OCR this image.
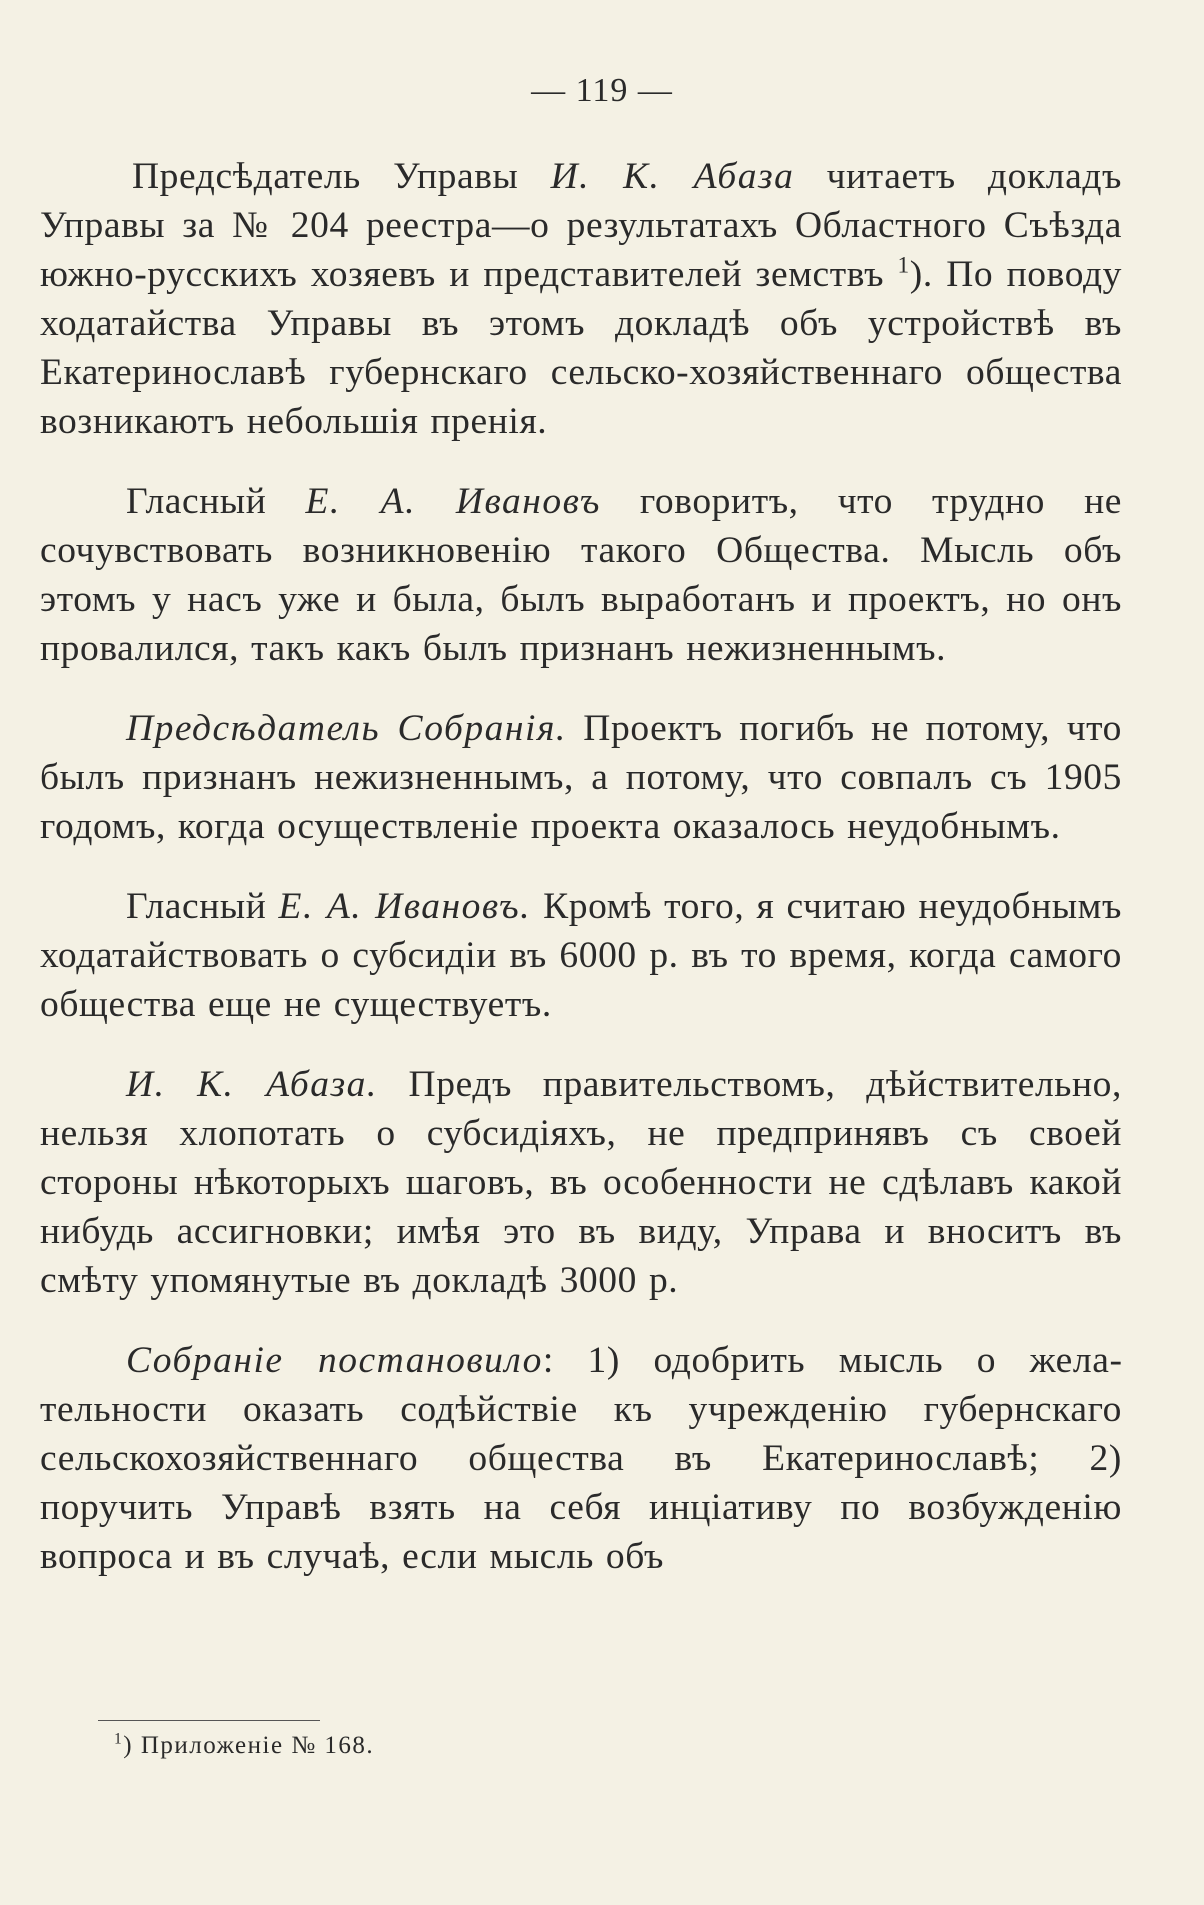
— 119 —

Предсѣдатель Управы И. К. Абаза читаетъ докладъ Управы за № 204 реестра—о результатахъ Областного Съѣзда южно-русскихъ хозяевъ и представителей земствъ $^1$). По поводу ходатайства Управы въ этомъ докладѣ объ устройствѣ въ Екатеринославѣ губернскаго сельско-хозяйственнаго общества возникаютъ небольшія пренія.

Гласный Е. А. Ивановъ говоритъ, что трудно не сочувствовать возникновенію такого Общества. Мысль объ этомъ у насъ уже и была, былъ выработанъ и проектъ, но онъ провалился, такъ какъ былъ признанъ нежизненнымъ.

Предсѣдатель Собранія. Проектъ погибъ не потому, что былъ признанъ нежизненнымъ, а потому, что совпалъ съ 1905 годомъ, когда осуществленіе проекта оказалось неудобнымъ.

Гласный Е. А. Ивановъ. Кромѣ того, я считаю неудобнымъ ходатайствовать о субсидіи въ 6000 р. въ то время, когда самого общества еще не существуетъ.

И. К. Абаза. Предъ правительствомъ, дѣйствительно, нельзя хлопотать о субсидіяхъ, не предпринявъ съ своей стороны нѣкоторыхъ шаговъ, въ особенности не сдѣлавъ какой нибудь ассигновки; имѣя это въ виду, Управа и вноситъ въ смѣту упомянутые въ докладѣ 3000 р.

Собраніе постановило: 1) одобрить мысль о желательности оказать содѣйствіе къ учрежденію губернскаго сельскохозяйственнаго общества въ Екатеринославѣ; 2) поручить Управѣ взять на себя инціативу по возбужденію вопроса и въ случаѣ, если мысль объ

$^1$) Приложеніе № 168.
